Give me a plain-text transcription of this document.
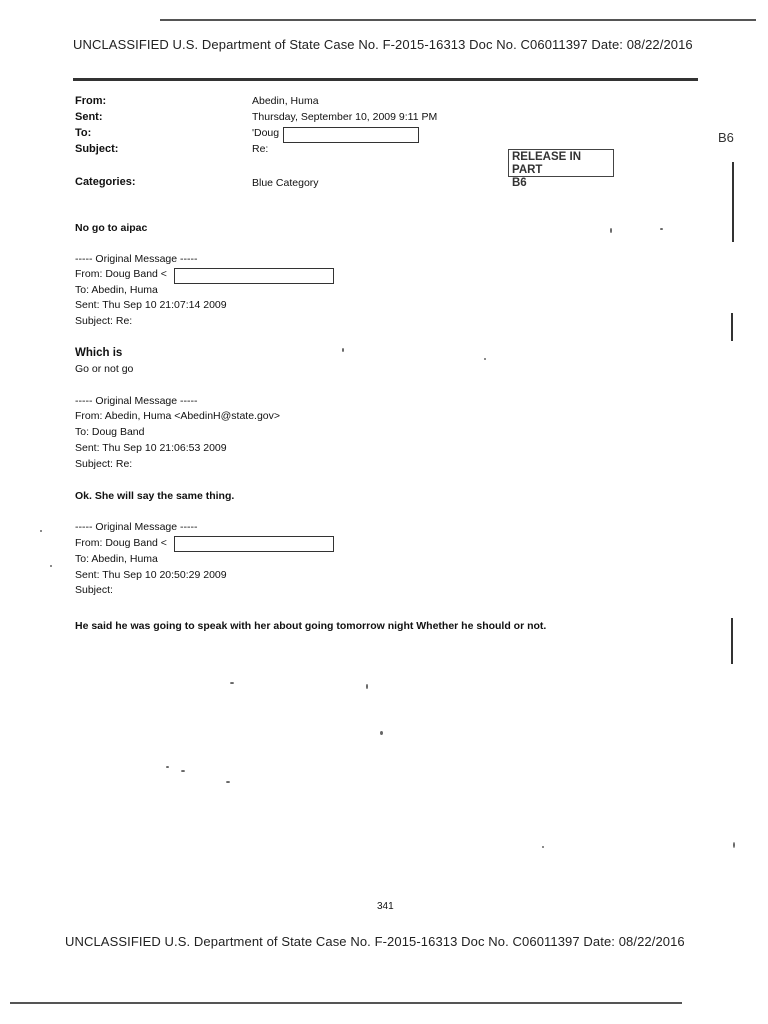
UNCLASSIFIED U.S. Department of State Case No. F-2015-16313 Doc No. C06011397 Date: 08/22/2016
B6
RELEASE IN PART
B6
From:	Abedin, Huma
Sent:	Thursday, September 10, 2009 9:11 PM
To:	'Doug
Subject:	Re:
Categories:	Blue Category
No go to aipac
----- Original Message -----
From: Doug Band <
To: Abedin, Huma
Sent: Thu Sep 10 21:07:14 2009
Subject: Re:
Which is
Go or not go
----- Original Message -----
From: Abedin, Huma <AbedinH@state.gov>
To: Doug Band
Sent: Thu Sep 10 21:06:53 2009
Subject: Re:
Ok. She will say the same thing.
----- Original Message -----
From: Doug Band <
To: Abedin, Huma
Sent: Thu Sep 10 20:50:29 2009
Subject:
He said he was going to speak with her about going tomorrow night Whether he should or not.
341
UNCLASSIFIED U.S. Department of State Case No. F-2015-16313 Doc No. C06011397 Date: 08/22/2016
